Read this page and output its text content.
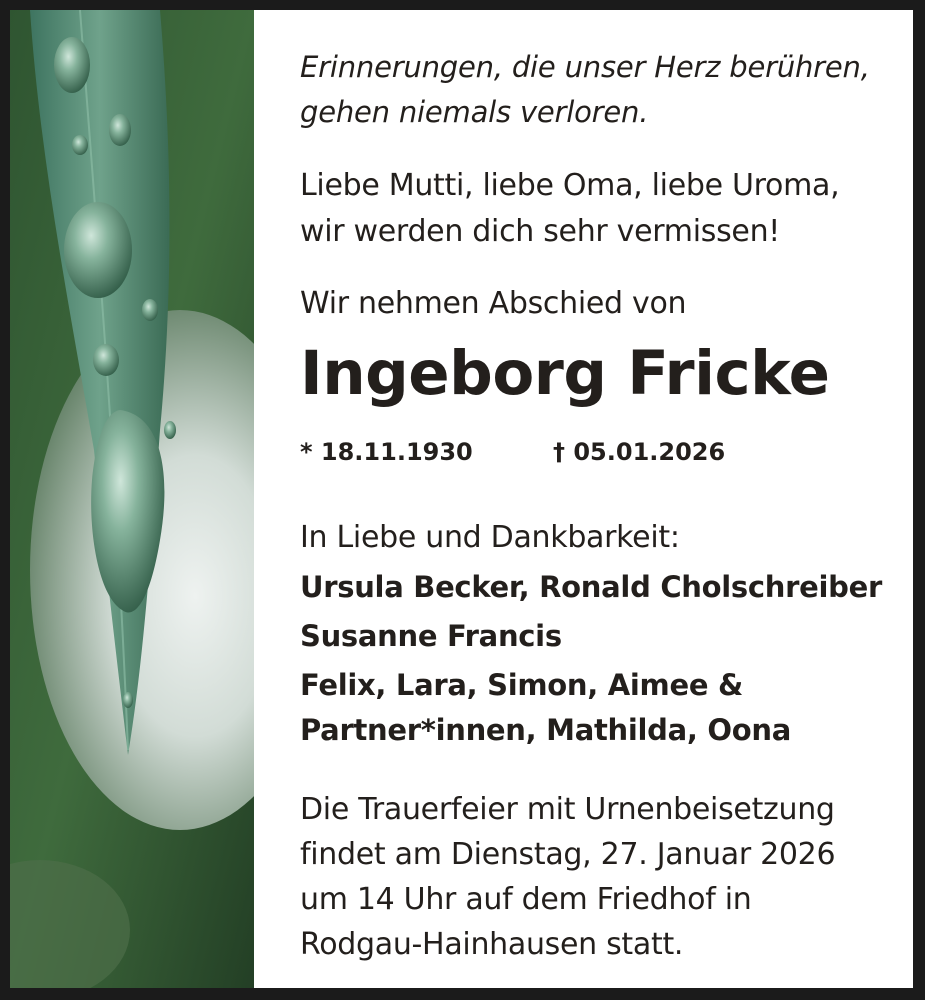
Erinnerungen, die unser Herz berühren,
gehen niemals verloren.
Liebe Mutti, liebe Oma, liebe Uroma,
wir werden dich sehr vermissen!
Wir nehmen Abschied von
Ingeborg Fricke
* 18.11.1930	† 05.01.2026
In Liebe und Dankbarkeit:
Ursula Becker, Ronald Cholschreiber
Susanne Francis
Felix, Lara, Simon, Aimee &
Partner*innen, Mathilda, Oona
Die Trauerfeier mit Urnenbeisetzung
findet am Dienstag, 27. Januar 2026
um 14 Uhr auf dem Friedhof in
Rodgau-Hainhausen statt.
